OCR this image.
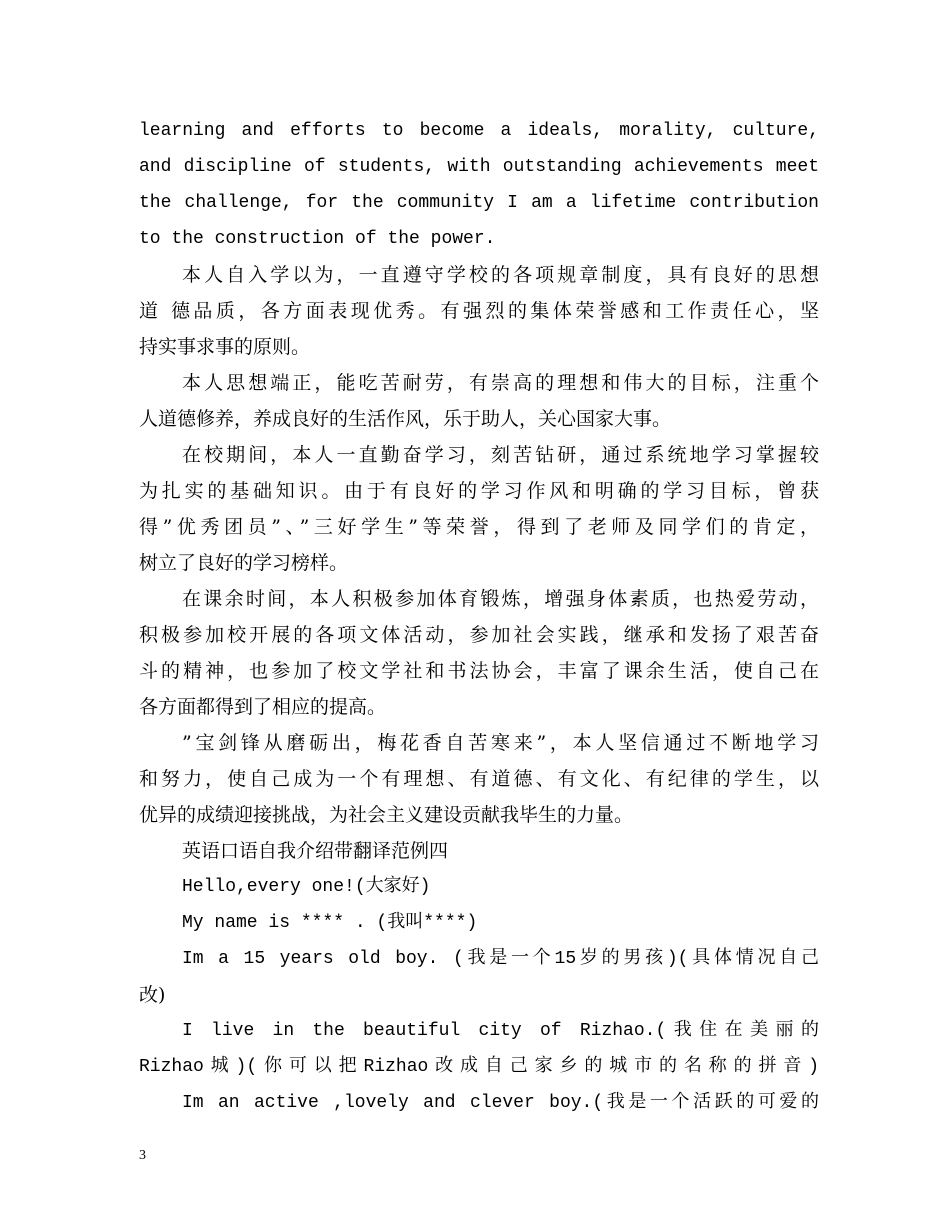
learning and efforts to become a ideals, morality, culture,
and discipline of students, with outstanding achievements meet
the challenge, for the community I am a lifetime contribution
to the construction of the power.
本人自入学以为，一直遵守学校的各项规章制度，具有良好的思想
道 德品质，各方面表现优秀。有强烈的集体荣誉感和工作责任心，坚
持实事求事的原则。
本人思想端正，能吃苦耐劳，有崇高的理想和伟大的目标，注重个
人道德修养，养成良好的生活作风，乐于助人，关心国家大事。
在校期间，本人一直勤奋学习，刻苦钻研，通过系统地学习掌握较
为扎实的基础知识。由于有良好的学习作风和明确的学习目标，曾获
得”优秀团员”、”三好学生”等荣誉，得到了老师及同学们的肯定，
树立了良好的学习榜样。
在课余时间，本人积极参加体育锻炼，增强身体素质，也热爱劳动，
积极参加校开展的各项文体活动，参加社会实践，继承和发扬了艰苦奋
斗的精神，也参加了校文学社和书法协会，丰富了课余生活，使自己在
各方面都得到了相应的提高。
”宝剑锋从磨砺出，梅花香自苦寒来”，本人坚信通过不断地学习
和努力，使自己成为一个有理想、有道德、有文化、有纪律的学生，以
优异的成绩迎接挑战，为社会主义建设贡献我毕生的力量。
英语口语自我介绍带翻译范例四
Hello,every one!(大家好)
My name is **** . (我叫****)
Im a 15 years old boy. (我是一个15岁的男孩)(具体情况自己
改)
I live in the beautiful city of Rizhao.(我住在美丽的
Rizhao城)(你可以把Rizhao改成自己家乡的城市的名称的拼音)
Im an active ,lovely and clever boy.(我是一个活跃的可爱的
3
